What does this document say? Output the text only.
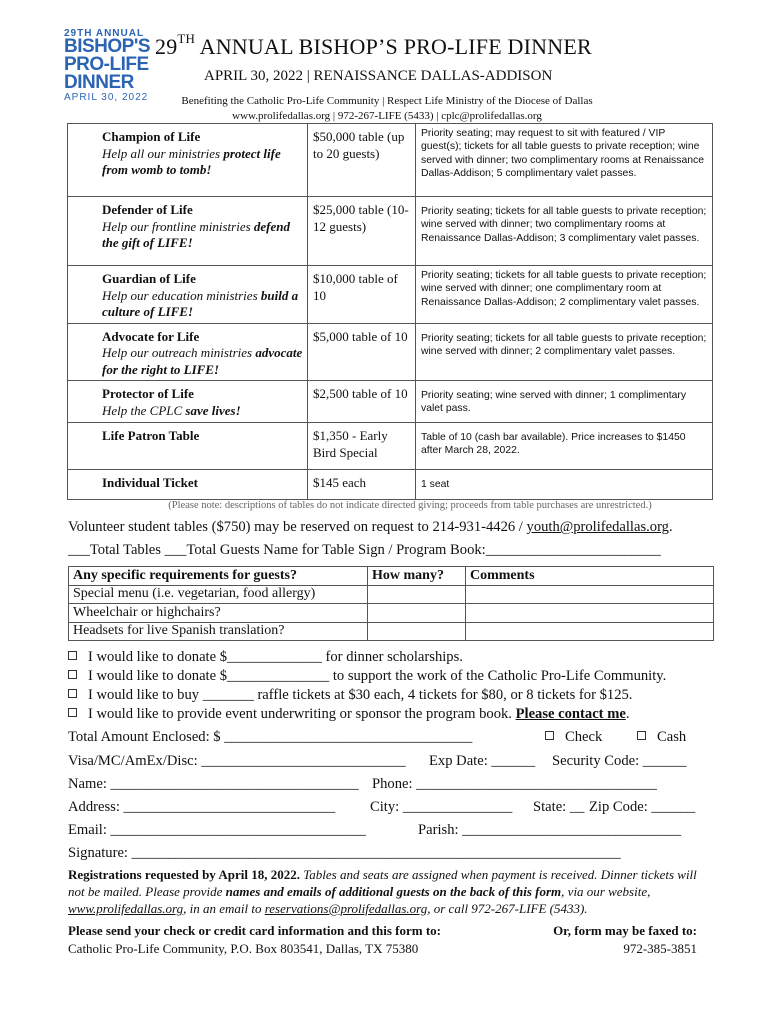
29TH ANNUAL
BISHOP'S
PRO-LIFE
DINNER
APRIL 30, 2022
29TH ANNUAL BISHOP’S PRO-LIFE DINNER
APRIL 30, 2022 | RENAISSANCE DALLAS-ADDISON
Benefiting the Catholic Pro-Life Community | Respect Life Ministry of the Diocese of Dallas
www.prolifedallas.org | 972-267-LIFE (5433) | cplc@prolifedallas.org
Champion of Life
Help all our ministries protect life from womb to tomb!	$50,000 table (up to 20 guests)	Priority seating; may request to sit with featured / VIP guest(s); tickets for all table guests to private reception; wine served with dinner; two complimentary rooms at Renaissance Dallas-Addison; 5 complimentary valet passes.

Defender of Life
Help our frontline ministries defend the gift of LIFE!	$25,000 table (10-12 guests)	Priority seating; tickets for all table guests to private reception; wine served with dinner; two complimentary rooms at Renaissance Dallas-Addison; 3 complimentary valet passes.

Guardian of Life
Help our education ministries build a culture of LIFE!	$10,000 table of 10	Priority seating; tickets for all table guests to private reception; wine served with dinner; one complimentary room at Renaissance Dallas-Addison; 2 complimentary valet passes.

Advocate for Life
Help our outreach ministries advocate for the right to LIFE!	$5,000 table of 10	Priority seating; tickets for all table guests to private reception; wine served with dinner; 2 complimentary valet passes.

Protector of Life
Help the CPLC save lives!	$2,500 table of 10	Priority seating; wine served with dinner; 1 complimentary valet pass.

Life Patron Table	$1,350 - Early Bird Special	Table of 10 (cash bar available). Price increases to $1450 after March 28, 2022.

Individual Ticket	$145 each	1 seat
(Please note: descriptions of tables do not indicate directed giving; proceeds from table purchases are unrestricted.)
Volunteer student tables ($750) may be reserved on request to 214-931-4426 / youth@prolifedallas.org.
___Total Tables ___Total Guests Name for Table Sign / Program Book:________________________
Any specific requirements for guests?	How many?	Comments
Special menu (i.e. vegetarian, food allergy)		
Wheelchair or highchairs?		
Headsets for live Spanish translation?		
I would like to donate $_____________ for dinner scholarships.
I would like to donate $______________ to support the work of the Catholic Pro-Life Community.
I would like to buy _______ raffle tickets at $30 each, 4 tickets for $80, or 8 tickets for $125.
I would like to provide event underwriting or sponsor the program book. Please contact me.
Total Amount Enclosed: $ __________________________________	Check	Cash
Visa/MC/AmEx/Disc: ____________________________ Exp Date: ______ Security Code: ______
Name: __________________________________ Phone: _________________________________
Address: _____________________________ City: _______________ State: __ Zip Code: ______
Email: ___________________________________	Parish: ______________________________
Signature: ___________________________________________________________________
Registrations requested by April 18, 2022. Tables and seats are assigned when payment is received. Dinner tickets will not be mailed. Please provide names and emails of additional guests on the back of this form, via our website, www.prolifedallas.org, in an email to reservations@prolifedallas.org, or call 972-267-LIFE (5433).
Please send your check or credit card information and this form to:
Catholic Pro-Life Community, P.O. Box 803541, Dallas, TX 75380
Or, form may be faxed to:
972-385-3851
